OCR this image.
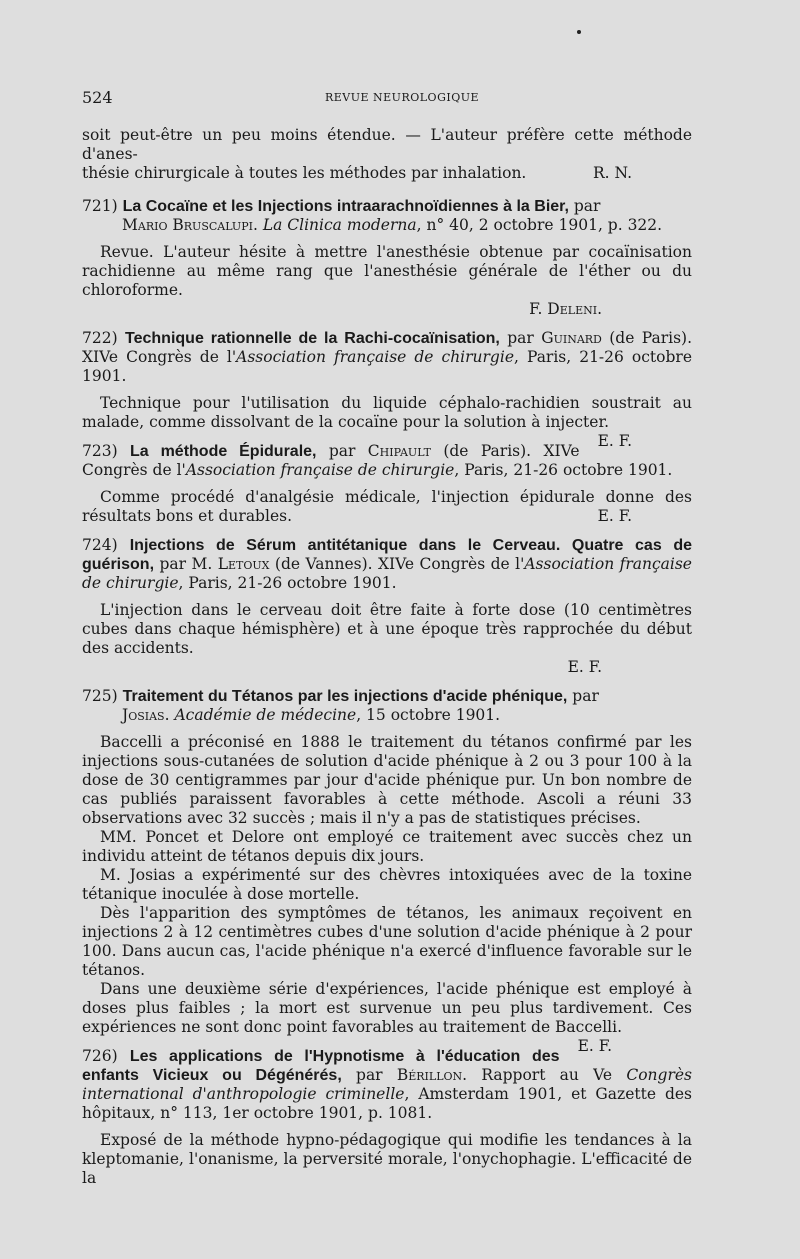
524	REVUE NEUROLOGIQUE

soit peut-être un peu moins étendue. — L'auteur préfère cette méthode d'anes-
thésie chirurgicale à toutes les méthodes par inhalation.	R. N.

721) La Cocaïne et les Injections intraarachnoïdiennes à la Bier, par

Mario Bruscalupi. La Clinica moderna, n° 40, 2 octobre 1901, p. 322.

Revue. L'auteur hésite à mettre l'anesthésie obtenue par cocaïnisation rachidienne au même rang que l'anesthésie générale de l'éther ou du chloroforme.

F. Deleni.

722) Technique rationnelle de la Rachi-cocaïnisation, par Guinard (de Paris). XIVe Congrès de l'Association française de chirurgie, Paris, 21-26 octobre 1901.

Technique pour l'utilisation du liquide céphalo-rachidien soustrait au malade, comme dissolvant de la cocaïne pour la solution à injecter.
E. F.

723) La méthode Épidurale, par Chipault (de Paris). XIVe Congrès de l'Association française de chirurgie, Paris, 21-26 octobre 1901.

Comme procédé d'analgésie médicale, l'injection épidurale donne des résultats bons et durables.	E. F.

724) Injections de Sérum antitétanique dans le Cerveau. Quatre cas de guérison, par M. Letoux (de Vannes). XIVe Congrès de l'Association française de chirurgie, Paris, 21-26 octobre 1901.

L'injection dans le cerveau doit être faite à forte dose (10 centimètres cubes dans chaque hémisphère) et à une époque très rapprochée du début des accidents.

E. F.

725) Traitement du Tétanos par les injections d'acide phénique, par

Josias. Académie de médecine, 15 octobre 1901.

Baccelli a préconisé en 1888 le traitement du tétanos confirmé par les injections sous-cutanées de solution d'acide phénique à 2 ou 3 pour 100 à la dose de 30 centigrammes par jour d'acide phénique pur. Un bon nombre de cas publiés paraissent favorables à cette méthode. Ascoli a réuni 33 observations avec 32 succès ; mais il n'y a pas de statistiques précises.

MM. Poncet et Delore ont employé ce traitement avec succès chez un individu atteint de tétanos depuis dix jours.

M. Josias a expérimenté sur des chèvres intoxiquées avec de la toxine tétanique inoculée à dose mortelle.

Dès l'apparition des symptômes de tétanos, les animaux reçoivent en injections 2 à 12 centimètres cubes d'une solution d'acide phénique à 2 pour 100. Dans aucun cas, l'acide phénique n'a exercé d'influence favorable sur le tétanos.

Dans une deuxième série d'expériences, l'acide phénique est employé à doses plus faibles ; la mort est survenue un peu plus tardivement. Ces expériences ne sont donc point favorables au traitement de Baccelli.
E. F.

726) Les applications de l'Hypnotisme à l'éducation des enfants Vicieux ou Dégénérés, par Bérillon. Rapport au Ve Congrès international d'anthropologie criminelle, Amsterdam 1901, et Gazette des hôpitaux, n° 113, 1er octobre 1901, p. 1081.

Exposé de la méthode hypno-pédagogique qui modifie les tendances à la kleptomanie, l'onanisme, la perversité morale, l'onychophagie. L'efficacité de la
